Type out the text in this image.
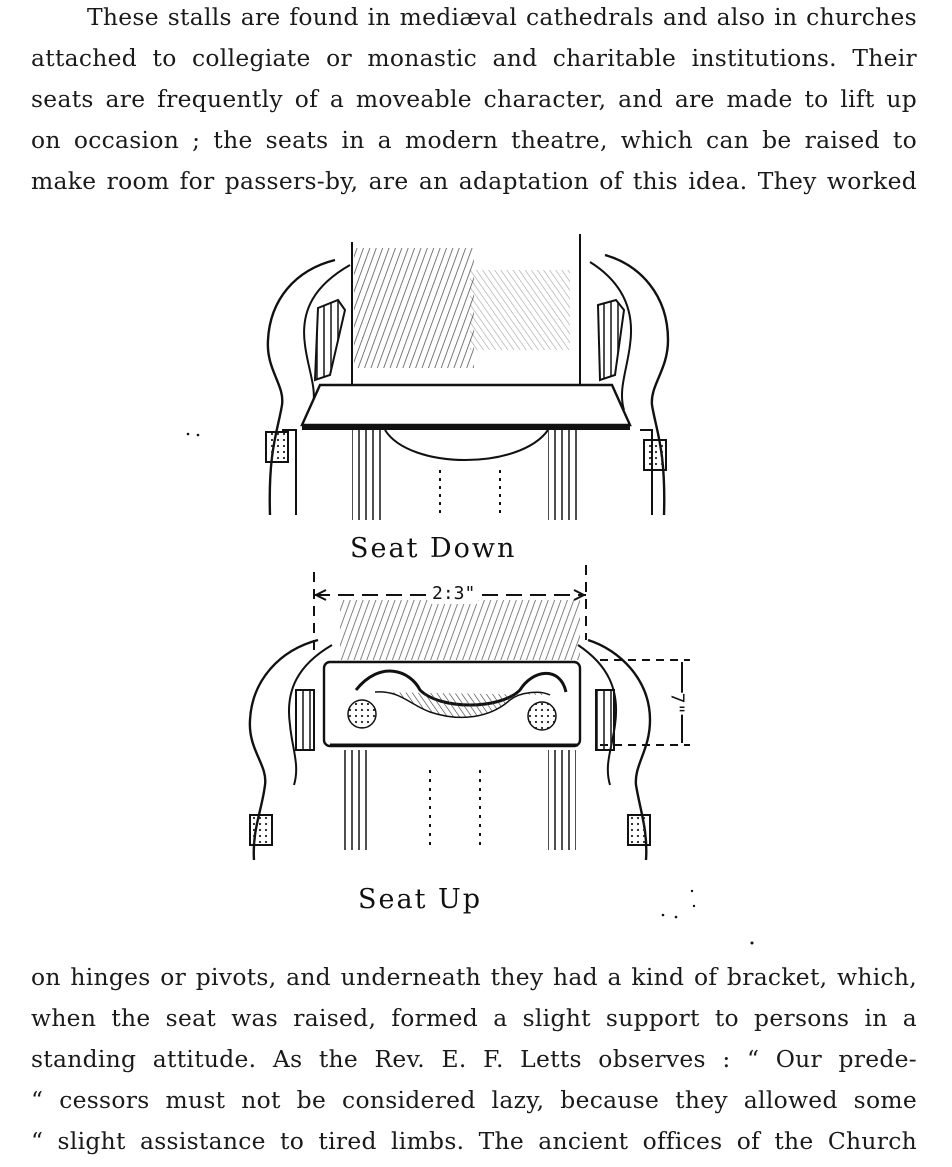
These stalls are found in mediæval cathedrals and also in churches
attached to collegiate or monastic and charitable institutions. Their
seats are frequently of a moveable character, and are made to lift up
on occasion ; the seats in a modern theatre, which can be raised to
make room for passers-by, are an adaptation of this idea. They worked
Seat Down
2:3"
7"
Seat Up
on hinges or pivots, and underneath they had a kind of bracket, which,
when the seat was raised, formed a slight support to persons in a
standing attitude. As the Rev. E. F. Letts observes : “ Our prede-
“ cessors must not be considered lazy, because they allowed some
“ slight assistance to tired limbs. The ancient offices of the Church
